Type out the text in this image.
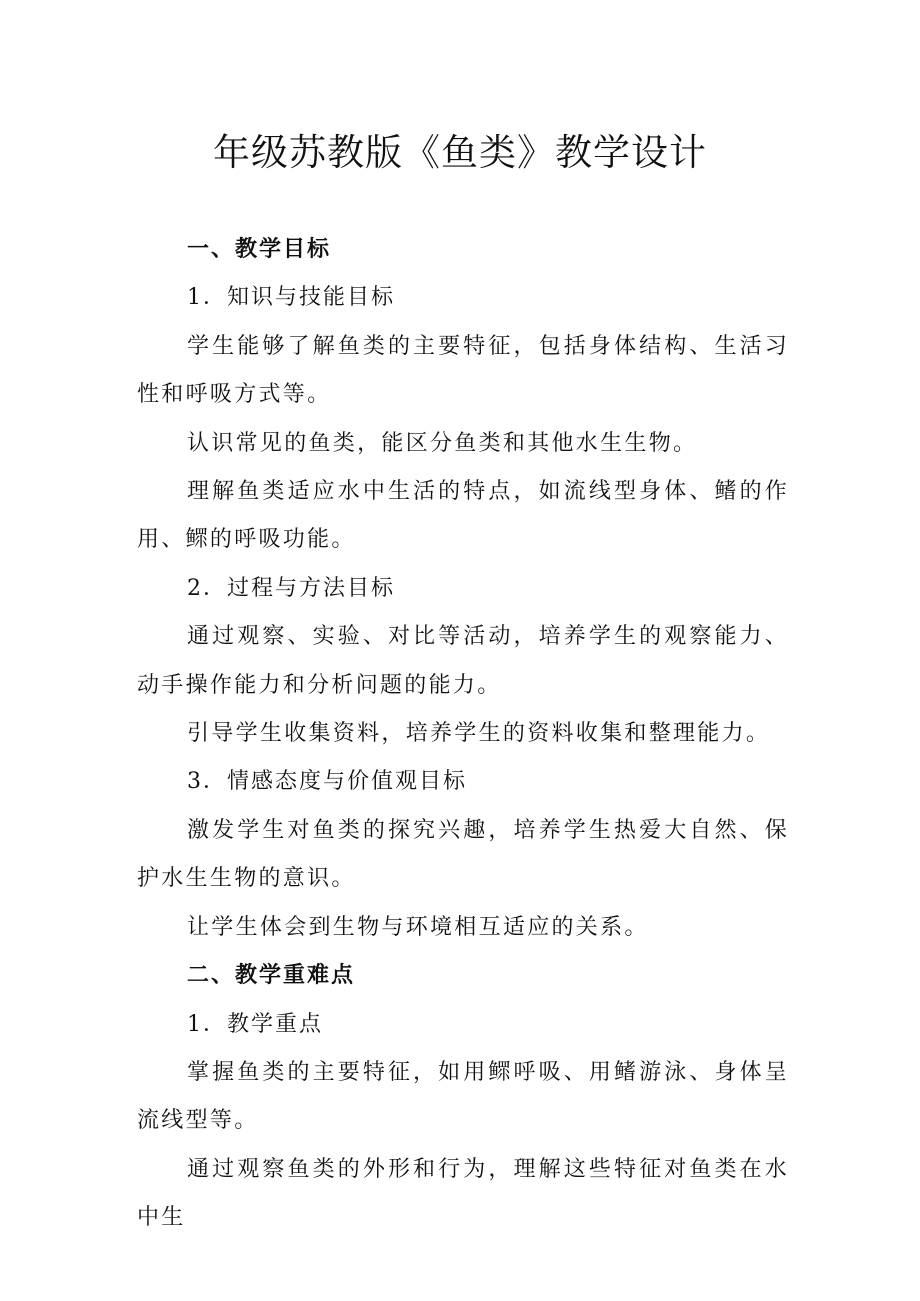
年级苏教版《鱼类》教学设计
一、教学目标

1．知识与技能目标

学生能够了解鱼类的主要特征，包括身体结构、生活习性和呼吸方式等。

认识常见的鱼类，能区分鱼类和其他水生生物。

理解鱼类适应水中生活的特点，如流线型身体、鳍的作用、鳏的呼吸功能。

2．过程与方法目标

通过观察、实验、对比等活动，培养学生的观察能力、动手操作能力和分析问题的能力。

引导学生收集资料，培养学生的资料收集和整理能力。

3．情感态度与价值观目标

激发学生对鱼类的探究兴趣，培养学生热爱大自然、保护水生生物的意识。

让学生体会到生物与环境相互适应的关系。

二、教学重难点

1．教学重点

掌握鱼类的主要特征，如用鳏呼吸、用鳍游泳、身体呈流线型等。

通过观察鱼类的外形和行为，理解这些特征对鱼类在水中生
